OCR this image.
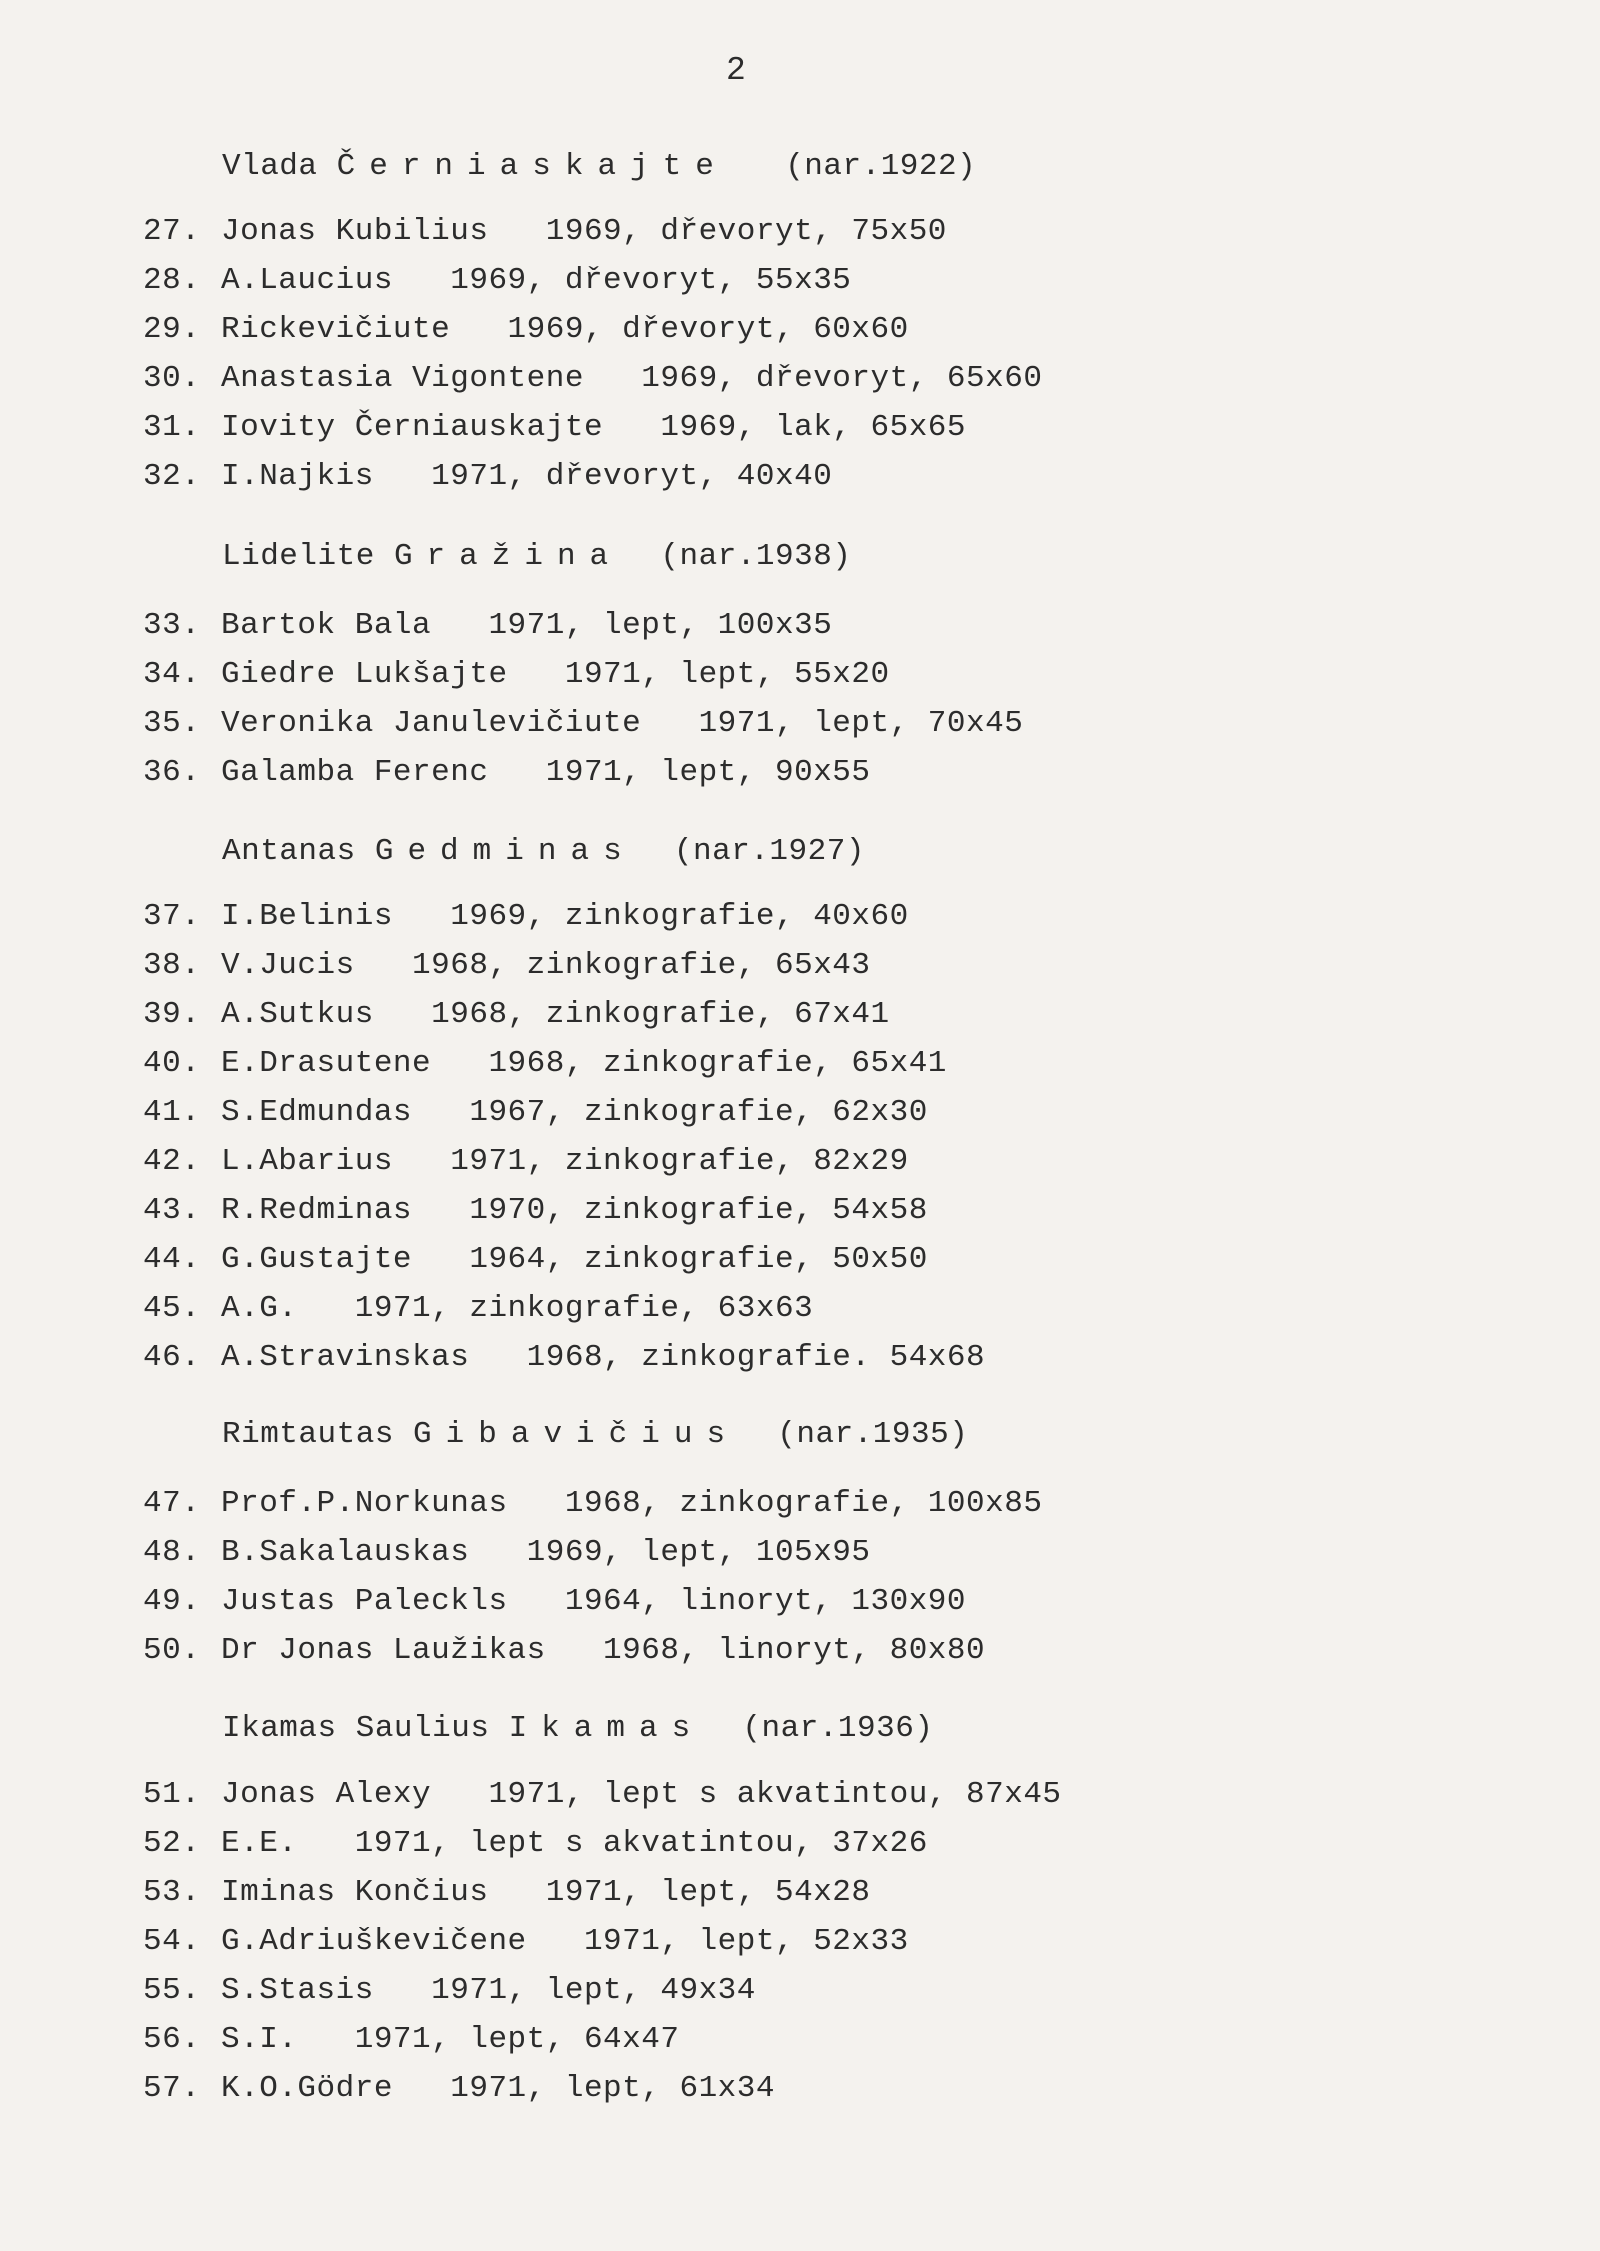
2
Vlada Černiaskajte (nar.1922)
27. Jonas Kubilius   1969, dřevoryt, 75x50
28. A.Laucius   1969, dřevoryt, 55x35
29. Rickevičiute   1969, dřevoryt, 60x60
30. Anastasia Vigontene   1969, dřevoryt, 65x60
31. Iovity Černiauskajte   1969, lak, 65x65
32. I.Najkis   1971, dřevoryt, 40x40
Lidelite Gražina (nar.1938)
33. Bartok Bala   1971, lept, 100x35
34. Giedre Lukšajte   1971, lept, 55x20
35. Veronika Janulevičiute   1971, lept, 70x45
36. Galamba Ferenc   1971, lept, 90x55
Antanas Gedminas (nar.1927)
37. I.Belinis   1969, zinkografie, 40x60
38. V.Jucis   1968, zinkografie, 65x43
39. A.Sutkus   1968, zinkografie, 67x41
40. E.Drasutene   1968, zinkografie, 65x41
41. S.Edmundas   1967, zinkografie, 62x30
42. L.Abarius   1971, zinkografie, 82x29
43. R.Redminas   1970, zinkografie, 54x58
44. G.Gustajte   1964, zinkografie, 50x50
45. A.G.   1971, zinkografie, 63x63
46. A.Stravinskas   1968, zinkografie. 54x68
Rimtautas Gibavičius (nar.1935)
47. Prof.P.Norkunas   1968, zinkografie, 100x85
48. B.Sakalauskas   1969, lept, 105x95
49. Justas Paleckls   1964, linoryt, 130x90
50. Dr Jonas Laužikas   1968, linoryt, 80x80
Ikamas Saulius Ikamas (nar.1936)
51. Jonas Alexy   1971, lept s akvatintou, 87x45
52. E.E.   1971, lept s akvatintou, 37x26
53. Iminas Končius   1971, lept, 54x28
54. G.Adriuškevičene   1971, lept, 52x33
55. S.Stasis   1971, lept, 49x34
56. S.I.   1971, lept, 64x47
57. K.O.Gödre   1971, lept, 61x34
